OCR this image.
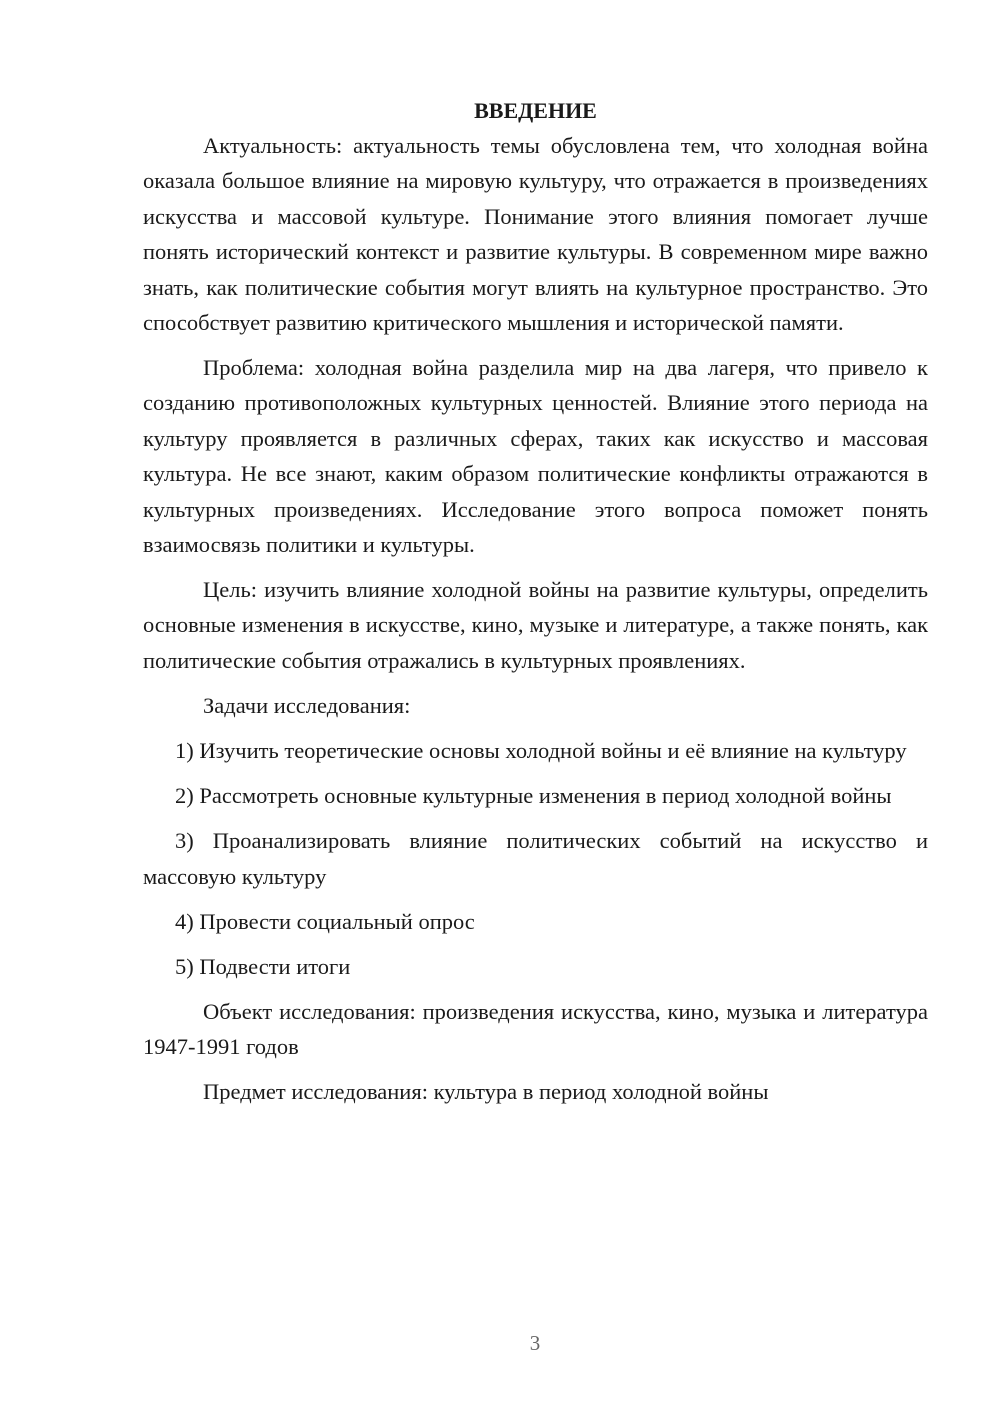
ВВЕДЕНИЕ

Актуальность: актуальность темы обусловлена тем, что холодная война оказала большое влияние на мировую культуру, что отражается в произведениях искусства и массовой культуре. Понимание этого влияния помогает лучше понять исторический контекст и развитие культуры. В современном мире важно знать, как политические события могут влиять на культурное пространство. Это способствует развитию критического мышления и исторической памяти.

Проблема: холодная война разделила мир на два лагеря, что привело к созданию противоположных культурных ценностей. Влияние этого периода на культуру проявляется в различных сферах, таких как искусство и массовая культура. Не все знают, каким образом политические конфликты отражаются в культурных произведениях. Исследование этого вопроса поможет понять взаимосвязь политики и культуры.

Цель: изучить влияние холодной войны на развитие культуры, определить основные изменения в искусстве, кино, музыке и литературе, а также понять, как политические события отражались в культурных проявлениях.

Задачи исследования:

1) Изучить теоретические основы холодной войны и её влияние на культуру

2) Рассмотреть основные культурные изменения в период холодной войны

3) Проанализировать влияние политических событий на искусство и массовую культуру

4) Провести социальный опрос

5) Подвести итоги

Объект исследования: произведения искусства, кино, музыка и литература 1947-1991 годов

Предмет исследования: культура в период холодной войны

3
